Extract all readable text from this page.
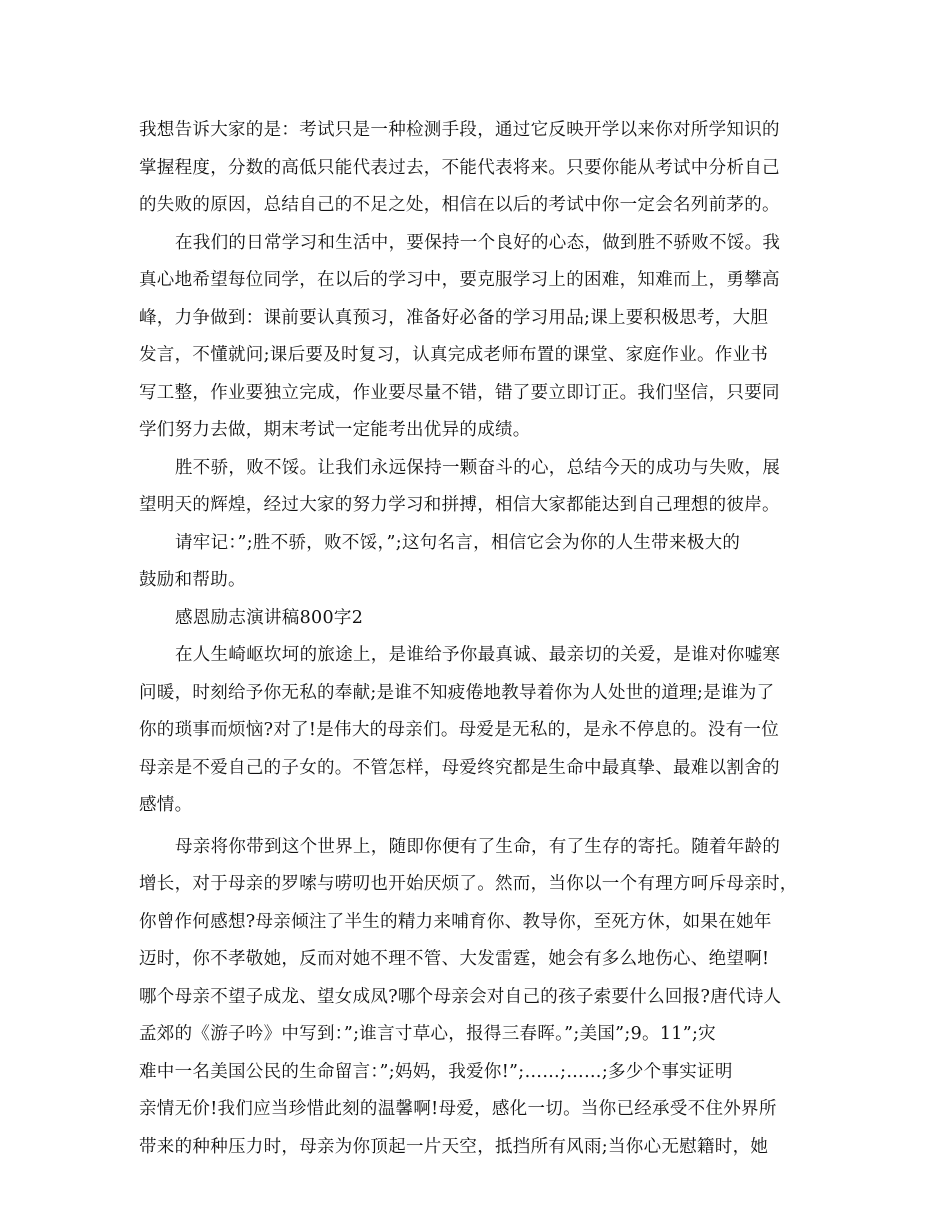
我想告诉大家的是：考试只是一种检测手段，通过它反映开学以来你对所学知识的
掌握程度，分数的高低只能代表过去，不能代表将来。只要你能从考试中分析自己
的失败的原因，总结自己的不足之处，相信在以后的考试中你一定会名列前茅的。
在我们的日常学习和生活中，要保持一个良好的心态，做到胜不骄败不馁。我
真心地希望每位同学，在以后的学习中，要克服学习上的困难，知难而上，勇攀高
峰，力争做到：课前要认真预习，准备好必备的学习用品;课上要积极思考，大胆
发言，不懂就问;课后要及时复习，认真完成老师布置的课堂、家庭作业。作业书
写工整，作业要独立完成，作业要尽量不错，错了要立即订正。我们坚信，只要同
学们努力去做，期末考试一定能考出优异的成绩。
胜不骄，败不馁。让我们永远保持一颗奋斗的心，总结今天的成功与失败，展
望明天的辉煌，经过大家的努力学习和拼搏，相信大家都能达到自己理想的彼岸。
请牢记：”;胜不骄，败不馁，”;这句名言，相信它会为你的人生带来极大的
鼓励和帮助。
感恩励志演讲稿800字2
在人生崎岖坎坷的旅途上，是谁给予你最真诚、最亲切的关爱，是谁对你嘘寒
问暖，时刻给予你无私的奉献;是谁不知疲倦地教导着你为人处世的道理;是谁为了
你的琐事而烦恼?对了!是伟大的母亲们。母爱是无私的，是永不停息的。没有一位
母亲是不爱自己的子女的。不管怎样，母爱终究都是生命中最真挚、最难以割舍的
感情。
母亲将你带到这个世界上，随即你便有了生命，有了生存的寄托。随着年龄的
增长，对于母亲的罗嗦与唠叨也开始厌烦了。然而，当你以一个有理方呵斥母亲时，
你曾作何感想?母亲倾注了半生的精力来哺育你、教导你，至死方休，如果在她年
迈时，你不孝敬她，反而对她不理不管、大发雷霆，她会有多么地伤心、绝望啊!
哪个母亲不望子成龙、望女成凤?哪个母亲会对自己的孩子索要什么回报?唐代诗人
孟郊的《游子吟》中写到：”;谁言寸草心，报得三春晖。”;美国”;9。11”;灾
难中一名美国公民的生命留言：”;妈妈，我爱你!”;……;……;多少个事实证明
亲情无价!我们应当珍惜此刻的温馨啊!母爱，感化一切。当你已经承受不住外界所
带来的种种压力时，母亲为你顶起一片天空，抵挡所有风雨;当你心无慰籍时，她
